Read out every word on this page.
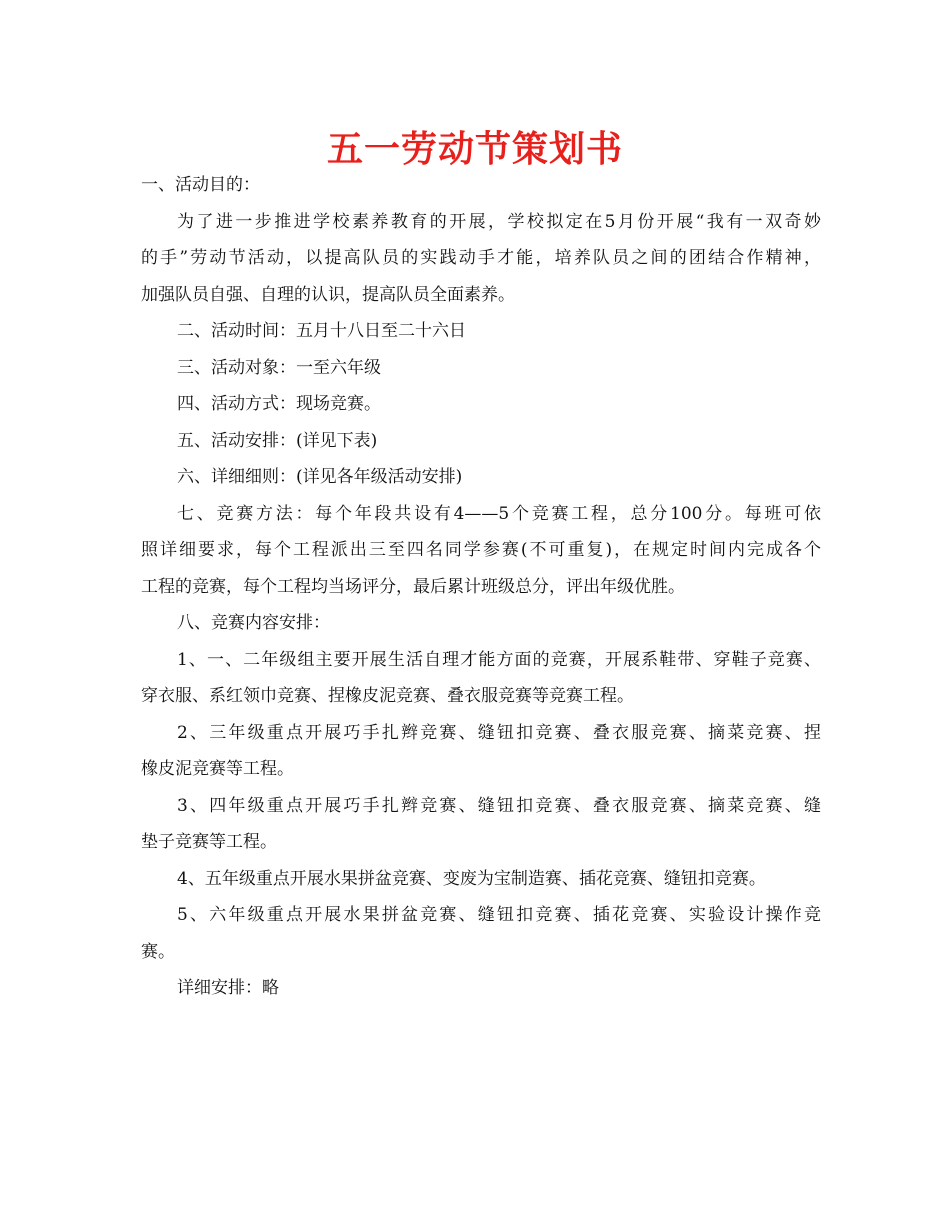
五一劳动节策划书
一、活动目的：
为了进一步推进学校素养教育的开展，学校拟定在5月份开展“我有一双奇妙
的手”劳动节活动，以提高队员的实践动手才能，培养队员之间的团结合作精神，
加强队员自强、自理的认识，提高队员全面素养。
二、活动时间：五月十八日至二十六日
三、活动对象：一至六年级
四、活动方式：现场竞赛。
五、活动安排：(详见下表)
六、详细细则：(详见各年级活动安排)
七、竞赛方法：每个年段共设有4——5个竞赛工程，总分100分。每班可依
照详细要求，每个工程派出三至四名同学参赛(不可重复)，在规定时间内完成各个
工程的竞赛，每个工程均当场评分，最后累计班级总分，评出年级优胜。
八、竞赛内容安排：
1、一、二年级组主要开展生活自理才能方面的竞赛，开展系鞋带、穿鞋子竞赛、
穿衣服、系红领巾竞赛、捏橡皮泥竞赛、叠衣服竞赛等竞赛工程。
2、三年级重点开展巧手扎辫竞赛、缝钮扣竞赛、叠衣服竞赛、摘菜竞赛、捏
橡皮泥竞赛等工程。
3、四年级重点开展巧手扎辫竞赛、缝钮扣竞赛、叠衣服竞赛、摘菜竞赛、缝
垫子竞赛等工程。
4、五年级重点开展水果拼盆竞赛、变废为宝制造赛、插花竞赛、缝钮扣竞赛。
5、六年级重点开展水果拼盆竞赛、缝钮扣竞赛、插花竞赛、实验设计操作竞
赛。
详细安排：略
